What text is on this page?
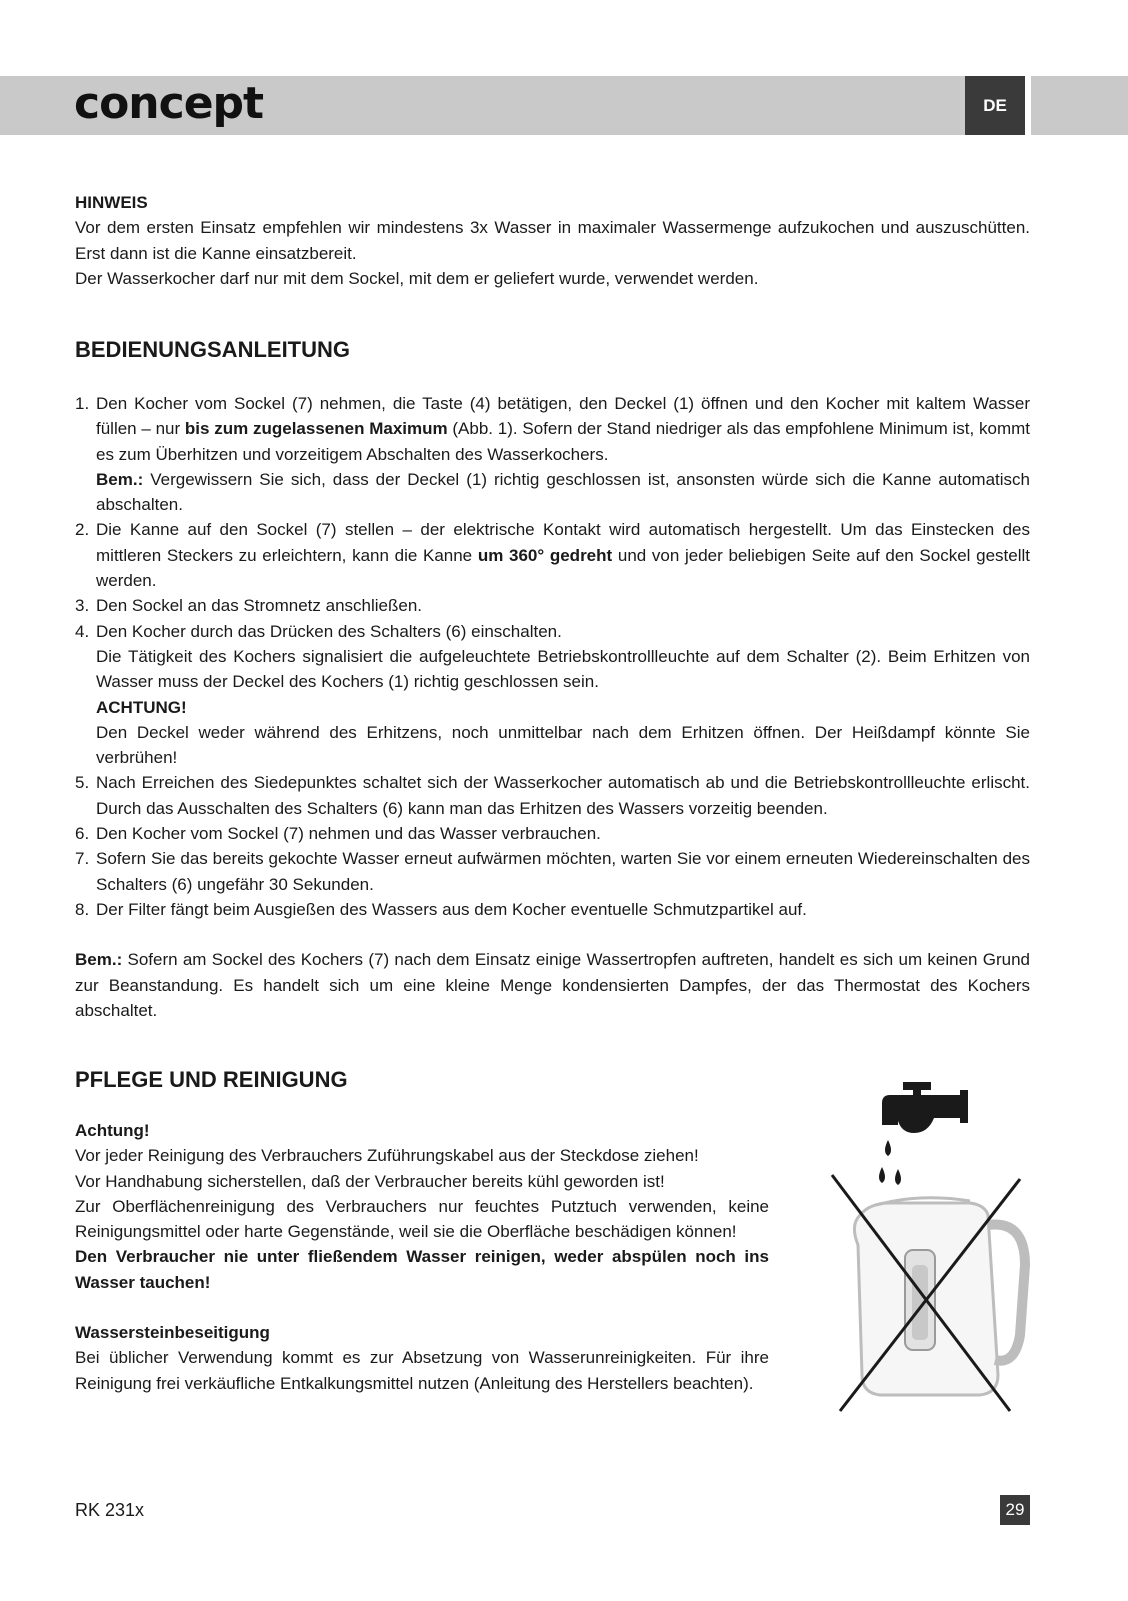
concept	DE

HINWEIS

Vor dem ersten Einsatz empfehlen wir mindestens 3x Wasser in maximaler Wassermenge aufzukochen und auszuschütten. Erst dann ist die Kanne einsatzbereit.

Der Wasserkocher darf nur mit dem Sockel, mit dem er geliefert wurde, verwendet werden.

BEDIENUNGSANLEITUNG
1. Den Kocher vom Sockel (7) nehmen, die Taste (4) betätigen, den Deckel (1) öffnen und den Kocher mit kaltem Wasser füllen – nur bis zum zugelassenen Maximum (Abb. 1). Sofern der Stand niedriger als das empfohlene Minimum ist, kommt es zum Überhitzen und vorzeitigem Abschalten des Wasserkochers.
Bem.: Vergewissern Sie sich, dass der Deckel (1) richtig geschlossen ist, ansonsten würde sich die Kanne automatisch abschalten.
2. Die Kanne auf den Sockel (7) stellen – der elektrische Kontakt wird automatisch hergestellt. Um das Einstecken des mittleren Steckers zu erleichtern, kann die Kanne um 360° gedreht und von jeder beliebigen Seite auf den Sockel gestellt werden.
3. Den Sockel an das Stromnetz anschließen.
4. Den Kocher durch das Drücken des Schalters (6) einschalten.
Die Tätigkeit des Kochers signalisiert die aufgeleuchtete Betriebskontrollleuchte auf dem Schalter (2). Beim Erhitzen von Wasser muss der Deckel des Kochers (1) richtig geschlossen sein.
ACHTUNG!
Den Deckel weder während des Erhitzens, noch unmittelbar nach dem Erhitzen öffnen. Der Heißdampf könnte Sie verbrühen!
5. Nach Erreichen des Siedepunktes schaltet sich der Wasserkocher automatisch ab und die Betriebskontrollleuchte erlischt. Durch das Ausschalten des Schalters (6) kann man das Erhitzen des Wassers vorzeitig beenden.
6. Den Kocher vom Sockel (7) nehmen und das Wasser verbrauchen.
7. Sofern Sie das bereits gekochte Wasser erneut aufwärmen möchten, warten Sie vor einem erneuten Wiedereinschalten des Schalters (6) ungefähr 30 Sekunden.
8. Der Filter fängt beim Ausgießen des Wassers aus dem Kocher eventuelle Schmutzpartikel auf.

Bem.: Sofern am Sockel des Kochers (7) nach dem Einsatz einige Wassertropfen auftreten, handelt es sich um keinen Grund zur Beanstandung. Es handelt sich um eine kleine Menge kondensierten Dampfes, der das Thermostat des Kochers abschaltet.

PFLEGE UND REINIGUNG

Achtung!

Vor jeder Reinigung des Verbrauchers Zuführungskabel aus der Steckdose ziehen!

Vor Handhabung sicherstellen, daß der Verbraucher bereits kühl geworden ist!

Zur Oberflächenreinigung des Verbrauchers nur feuchtes Putztuch verwenden, keine Reinigungsmittel oder harte Gegenstände, weil sie die Oberfläche beschädigen können!

Den Verbraucher nie unter fließendem Wasser reinigen, weder abspülen noch ins Wasser tauchen!

Wassersteinbeseitigung

Bei üblicher Verwendung kommt es zur Absetzung von Wasserunreinigkeiten. Für ihre Reinigung frei verkäufliche Entkalkungsmittel nutzen (Anleitung des Herstellers beachten).

RK 231x	29
